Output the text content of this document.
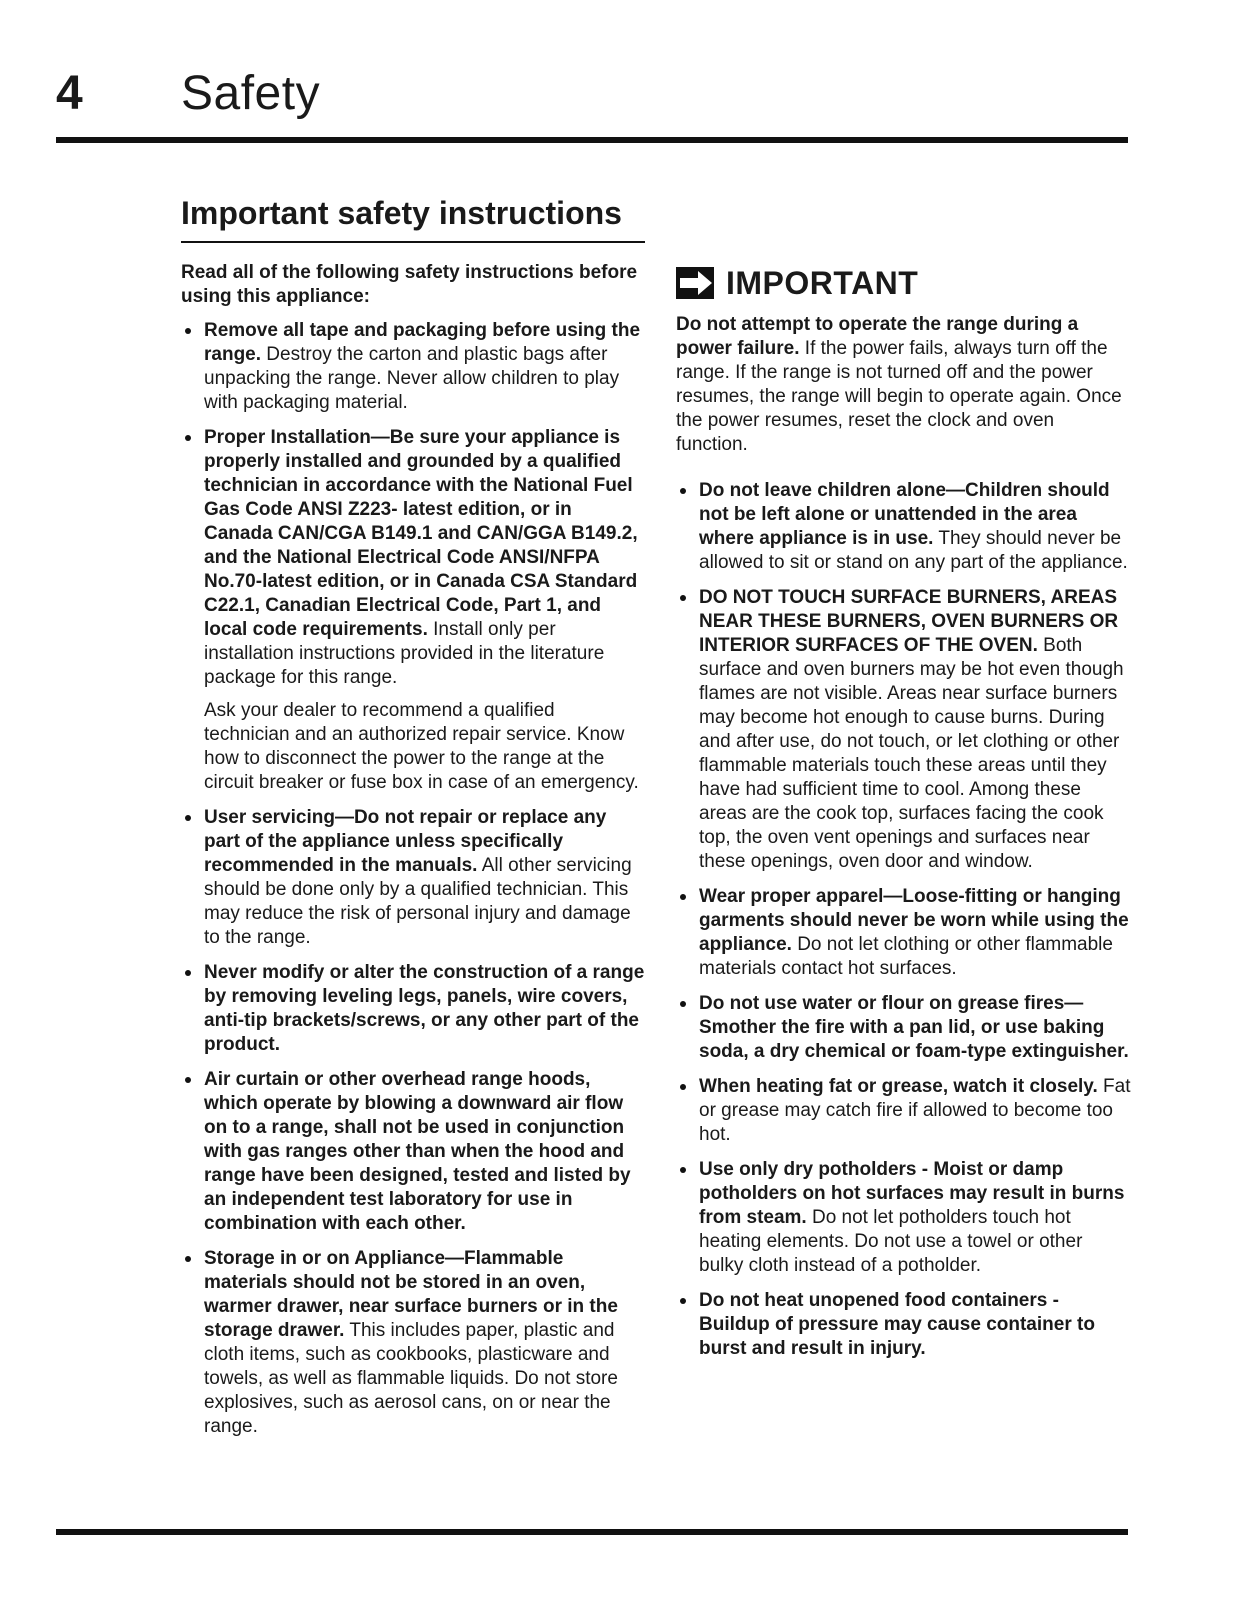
4 Safety
Important safety instructions

Read all of the following safety instructions before using this appliance:

Remove all tape and packaging before using the range. Destroy the carton and plastic bags after unpacking the range. Never allow children to play with packaging material.
Proper Installation—Be sure your appliance is properly installed and grounded by a qualified technician in accordance with the National Fuel Gas Code ANSI Z223- latest edition, or in Canada CAN/CGA B149.1 and CAN/GGA B149.2, and the National Electrical Code ANSI/NFPA No.70-latest edition, or in Canada CSA Standard C22.1, Canadian Electrical Code, Part 1, and local code requirements. Install only per installation instructions provided in the literature package for this range.
Ask your dealer to recommend a qualified technician and an authorized repair service. Know how to disconnect the power to the range at the circuit breaker or fuse box in case of an emergency.
User servicing—Do not repair or replace any part of the appliance unless specifically recommended in the manuals. All other servicing should be done only by a qualified technician. This may reduce the risk of personal injury and damage to the range.
Never modify or alter the construction of a range by removing leveling legs, panels, wire covers, anti-tip brackets/screws, or any other part of the product.
Air curtain or other overhead range hoods, which operate by blowing a downward air flow on to a range, shall not be used in conjunction with gas ranges other than when the hood and range have been designed, tested and listed by an independent test laboratory for use in combination with each other.
Storage in or on Appliance—Flammable materials should not be stored in an oven, warmer drawer, near surface burners or in the storage drawer. This includes paper, plastic and cloth items, such as cookbooks, plasticware and towels, as well as flammable liquids. Do not store explosives, such as aerosol cans, on or near the range.
IMPORTANT

Do not attempt to operate the range during a power failure. If the power fails, always turn off the range. If the range is not turned off and the power resumes, the range will begin to operate again. Once the power resumes, reset the clock and oven function.

Do not leave children alone—Children should not be left alone or unattended in the area where appliance is in use. They should never be allowed to sit or stand on any part of the appliance.
DO NOT TOUCH SURFACE BURNERS, AREAS NEAR THESE BURNERS, OVEN BURNERS OR INTERIOR SURFACES OF THE OVEN. Both surface and oven burners may be hot even though flames are not visible. Areas near surface burners may become hot enough to cause burns. During and after use, do not touch, or let clothing or other flammable materials touch these areas until they have had sufficient time to cool. Among these areas are the cook top, surfaces facing the cook top, the oven vent openings and surfaces near these openings, oven door and window.
Wear proper apparel—Loose-fitting or hanging garments should never be worn while using the appliance. Do not let clothing or other flammable materials contact hot surfaces.
Do not use water or flour on grease fires—Smother the fire with a pan lid, or use baking soda, a dry chemical or foam-type extinguisher.
When heating fat or grease, watch it closely. Fat or grease may catch fire if allowed to become too hot.
Use only dry potholders - Moist or damp potholders on hot surfaces may result in burns from steam. Do not let potholders touch hot heating elements. Do not use a towel or other bulky cloth instead of a potholder.
Do not heat unopened food containers - Buildup of pressure may cause container to burst and result in injury.
